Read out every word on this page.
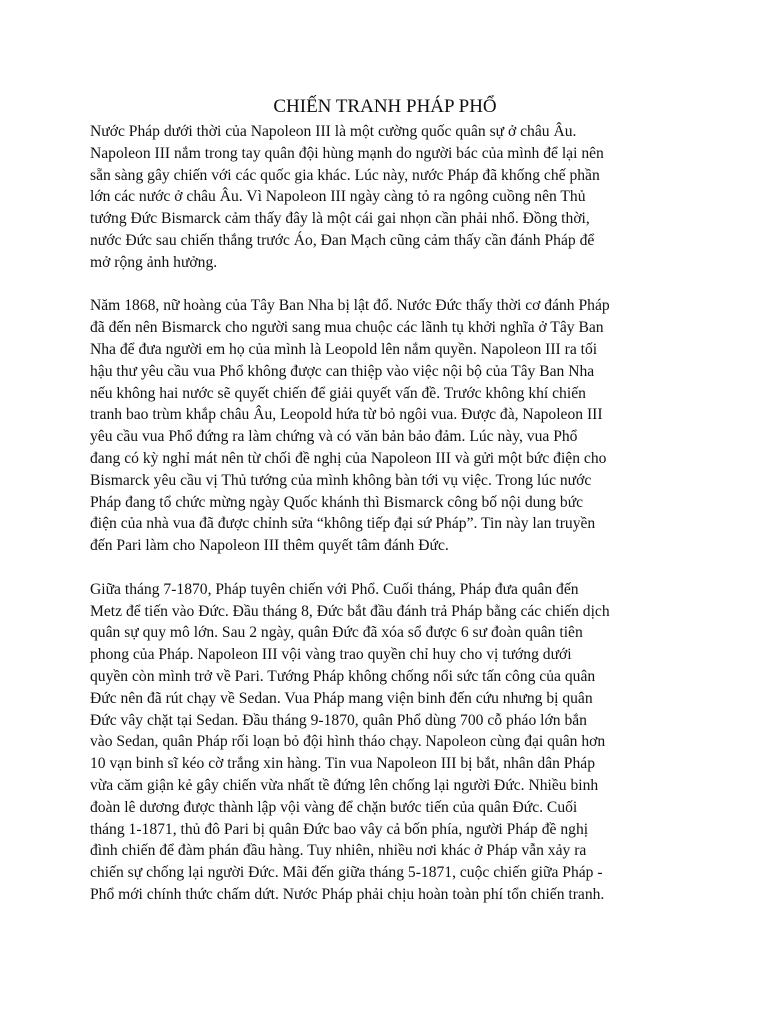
CHIẾN TRANH PHÁP PHỔ

Nước Pháp dưới thời của Napoleon III là một cường quốc quân sự ở châu Âu.
Napoleon III nắm trong tay quân đội hùng mạnh do người bác của mình để lại nên
sẵn sàng gây chiến với các quốc gia khác. Lúc này, nước Pháp đã khống chế phần
lớn các nước ở châu Âu. Vì Napoleon III ngày càng tỏ ra ngông cuồng nên Thủ
tướng Đức Bismarck cảm thấy đây là một cái gai nhọn cần phải nhổ. Đồng thời,
nước Đức sau chiến thắng trước Áo, Đan Mạch cũng cảm thấy cần đánh Pháp để
mở rộng ảnh hưởng.

Năm 1868, nữ hoàng của Tây Ban Nha bị lật đổ. Nước Đức thấy thời cơ đánh Pháp
đã đến nên Bismarck cho người sang mua chuộc các lãnh tụ khởi nghĩa ở Tây Ban
Nha để đưa người em họ của mình là Leopold lên nắm quyền. Napoleon III ra tối
hậu thư yêu cầu vua Phổ không được can thiệp vào việc nội bộ của Tây Ban Nha
nếu không hai nước sẽ quyết chiến để giải quyết vấn đề. Trước không khí chiến
tranh bao trùm khắp châu Âu, Leopold hứa từ bỏ ngôi vua. Được đà, Napoleon III
yêu cầu vua Phổ đứng ra làm chứng và có văn bản bảo đảm. Lúc này, vua Phổ
đang có kỳ nghỉ mát nên từ chối đề nghị của Napoleon III và gửi một bức điện cho
Bismarck yêu cầu vị Thủ tướng của mình không bàn tới vụ việc. Trong lúc nước
Pháp đang tổ chức mừng ngày Quốc khánh thì Bismarck công bố nội dung bức
điện của nhà vua đã được chỉnh sửa “không tiếp đại sứ Pháp”. Tin này lan truyền
đến Pari làm cho Napoleon III thêm quyết tâm đánh Đức.

Giữa tháng 7-1870, Pháp tuyên chiến với Phổ. Cuối tháng, Pháp đưa quân đến
Metz để tiến vào Đức. Đầu tháng 8, Đức bắt đầu đánh trả Pháp bằng các chiến dịch
quân sự quy mô lớn. Sau 2 ngày, quân Đức đã xóa sổ được 6 sư đoàn quân tiên
phong của Pháp. Napoleon III vội vàng trao quyền chỉ huy cho vị tướng dưới
quyền còn mình trở về Pari. Tướng Pháp không chống nổi sức tấn công của quân
Đức nên đã rút chạy về Sedan. Vua Pháp mang viện binh đến cứu nhưng bị quân
Đức vây chặt tại Sedan. Đầu tháng 9-1870, quân Phổ dùng 700 cỗ pháo lớn bắn
vào Sedan, quân Pháp rối loạn bỏ đội hình tháo chạy. Napoleon cùng đại quân hơn
10 vạn binh sĩ kéo cờ trắng xin hàng. Tin vua Napoleon III bị bắt, nhân dân Pháp
vừa căm giận kẻ gây chiến vừa nhất tề đứng lên chống lại người Đức. Nhiều binh
đoàn lê dương được thành lập vội vàng để chặn bước tiến của quân Đức. Cuối
tháng 1-1871, thủ đô Pari bị quân Đức bao vây cả bốn phía, người Pháp đề nghị
đình chiến để đàm phán đầu hàng. Tuy nhiên, nhiều nơi khác ở Pháp vẫn xảy ra
chiến sự chống lại người Đức. Mãi đến giữa tháng 5-1871, cuộc chiến giữa Pháp -
Phổ mới chính thức chấm dứt. Nước Pháp phải chịu hoàn toàn phí tổn chiến tranh.
